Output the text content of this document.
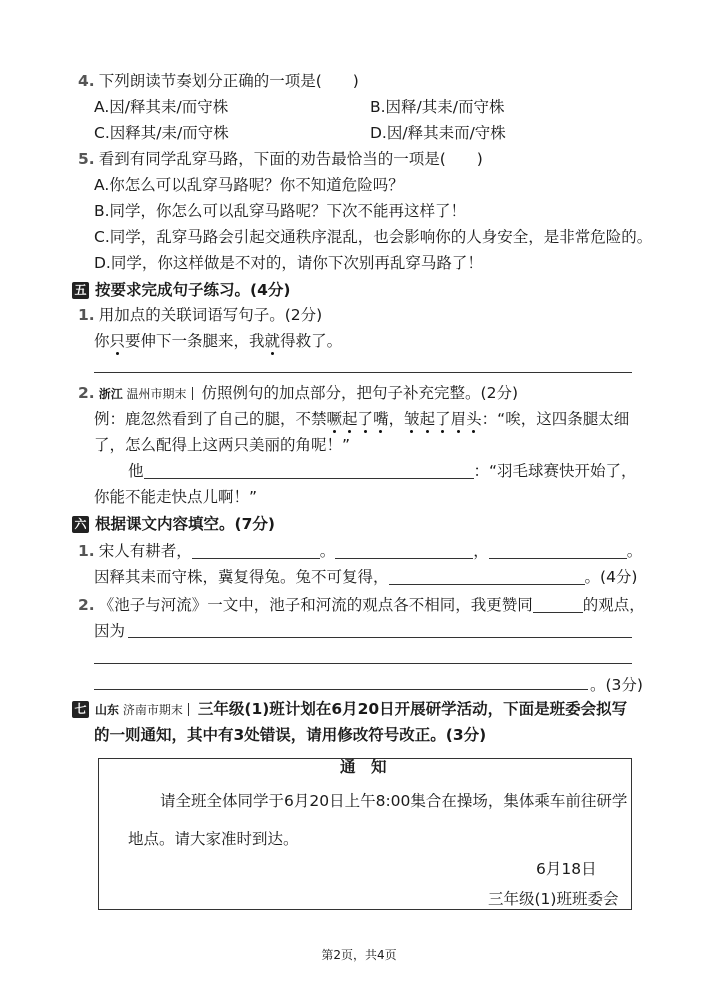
4. 下列朗读节奏划分正确的一项是(　　)
A.因/释其耒/而守株	B.因释/其耒/而守株
C.因释其/耒/而守株	D.因/释其耒而/守株
5. 看到有同学乱穿马路，下面的劝告最恰当的一项是(　　)
A.你怎么可以乱穿马路呢？你不知道危险吗？
B.同学，你怎么可以乱穿马路呢？下次不能再这样了！
C.同学，乱穿马路会引起交通秩序混乱，也会影响你的人身安全，是非常危险的。
D.同学，你这样做是不对的，请你下次别再乱穿马路了！
五 按要求完成句子练习。(4分)
1. 用加点的关联词语写句子。(2分)
你只要伸下一条腿来，我就得救了。
2. 浙江 温州市期末 仿照例句的加点部分，把句子补充完整。(2分)
例：鹿忽然看到了自己的腿，不禁噘起了嘴，皱起了眉头：“唉，这四条腿太细
了，怎么配得上这两只美丽的角呢！”
他	：“羽毛球赛快开始了，
你能不能走快点儿啊！”
六 根据课文内容填空。(7分)
1. 宋人有耕者，	。	，	。
因释其耒而守株，冀复得兔。兔不可复得，	。(4分)
2. 《池子与河流》一文中，池子和河流的观点各不相同，我更赞同	的观点，
因为
。(3分)
七 山东 济南市期末 三年级(1)班计划在6月20日开展研学活动，下面是班委会拟写
的一则通知，其中有3处错误，请用修改符号改正。(3分)
通　知
请全班全体同学于6月20日上午8:00集合在操场，集体乘车前往研学
地点。请大家准时到达。
6月18日
三年级(1)班班委会
第2页，共4页
